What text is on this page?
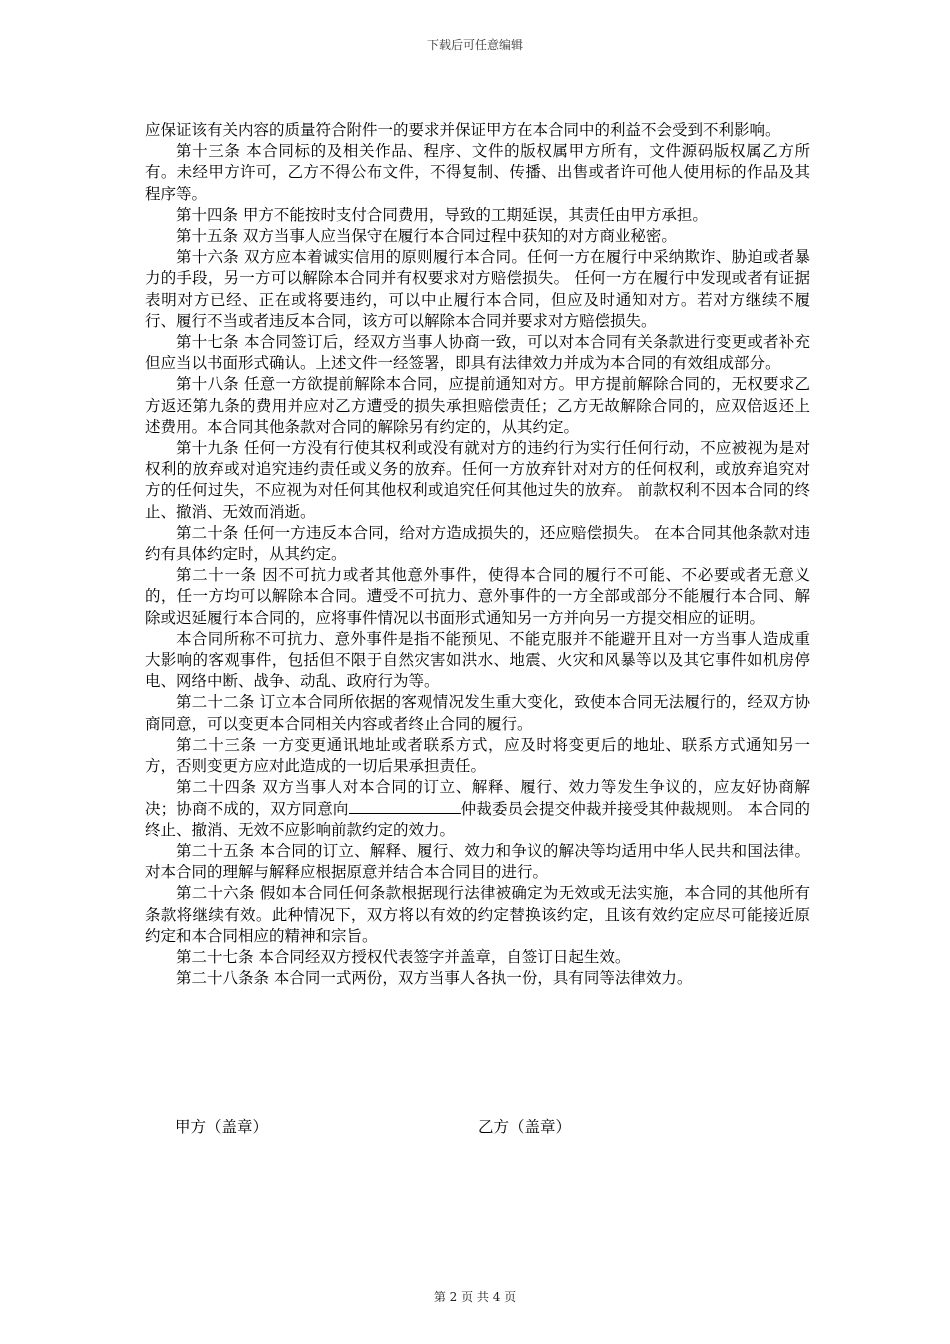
下载后可任意编辑

应保证该有关内容的质量符合附件一的要求并保证甲方在本合同中的利益不会受到不利影响。

第十三条 本合同标的及相关作品、程序、文件的版权属甲方所有，文件源码版权属乙方所有。未经甲方许可，乙方不得公布文件，不得复制、传播、出售或者许可他人使用标的作品及其程序等。

第十四条 甲方不能按时支付合同费用，导致的工期延误，其责任由甲方承担。

第十五条 双方当事人应当保守在履行本合同过程中获知的对方商业秘密。

第十六条 双方应本着诚实信用的原则履行本合同。任何一方在履行中采纳欺诈、胁迫或者暴力的手段，另一方可以解除本合同并有权要求对方赔偿损失。 任何一方在履行中发现或者有证据表明对方已经、正在或将要违约，可以中止履行本合同，但应及时通知对方。若对方继续不履行、履行不当或者违反本合同，该方可以解除本合同并要求对方赔偿损失。

第十七条 本合同签订后，经双方当事人协商一致，可以对本合同有关条款进行变更或者补充但应当以书面形式确认。上述文件一经签署，即具有法律效力并成为本合同的有效组成部分。

第十八条 任意一方欲提前解除本合同，应提前通知对方。甲方提前解除合同的，无权要求乙方返还第九条的费用并应对乙方遭受的损失承担赔偿责任；乙方无故解除合同的，应双倍返还上述费用。本合同其他条款对合同的解除另有约定的，从其约定。

第十九条 任何一方没有行使其权利或没有就对方的违约行为实行任何行动，不应被视为是对权利的放弃或对追究违约责任或义务的放弃。任何一方放弃针对对方的任何权利，或放弃追究对方的任何过失，不应视为对任何其他权利或追究任何其他过失的放弃。 前款权利不因本合同的终止、撤消、无效而消逝。

第二十条 任何一方违反本合同，给对方造成损失的，还应赔偿损失。 在本合同其他条款对违约有具体约定时，从其约定。

第二十一条 因不可抗力或者其他意外事件，使得本合同的履行不可能、不必要或者无意义的，任一方均可以解除本合同。遭受不可抗力、意外事件的一方全部或部分不能履行本合同、解除或迟延履行本合同的，应将事件情况以书面形式通知另一方并向另一方提交相应的证明。

本合同所称不可抗力、意外事件是指不能预见、不能克服并不能避开且对一方当事人造成重大影响的客观事件，包括但不限于自然灾害如洪水、地震、火灾和风暴等以及其它事件如机房停电、网络中断、战争、动乱、政府行为等。

第二十二条 订立本合同所依据的客观情况发生重大变化，致使本合同无法履行的，经双方协商同意，可以变更本合同相关内容或者终止合同的履行。

第二十三条 一方变更通讯地址或者联系方式，应及时将变更后的地址、联系方式通知另一方，否则变更方应对此造成的一切后果承担责任。

第二十四条 双方当事人对本合同的订立、解释、履行、效力等发生争议的，应友好协商解决；协商不成的，双方同意向	仲裁委员会提交仲裁并接受其仲裁规则。 本合同的终止、撤消、无效不应影响前款约定的效力。

第二十五条 本合同的订立、解释、履行、效力和争议的解决等均适用中华人民共和国法律。对本合同的理解与解释应根据原意并结合本合同目的进行。

第二十六条 假如本合同任何条款根据现行法律被确定为无效或无法实施，本合同的其他所有条款将继续有效。此种情况下，双方将以有效的约定替换该约定，且该有效约定应尽可能接近原约定和本合同相应的精神和宗旨。

第二十七条 本合同经双方授权代表签字并盖章，自签订日起生效。

第二十八条条 本合同一式两份，双方当事人各执一份，具有同等法律效力。

甲方（盖章）	乙方（盖章）
第 2 页 共 4 页
